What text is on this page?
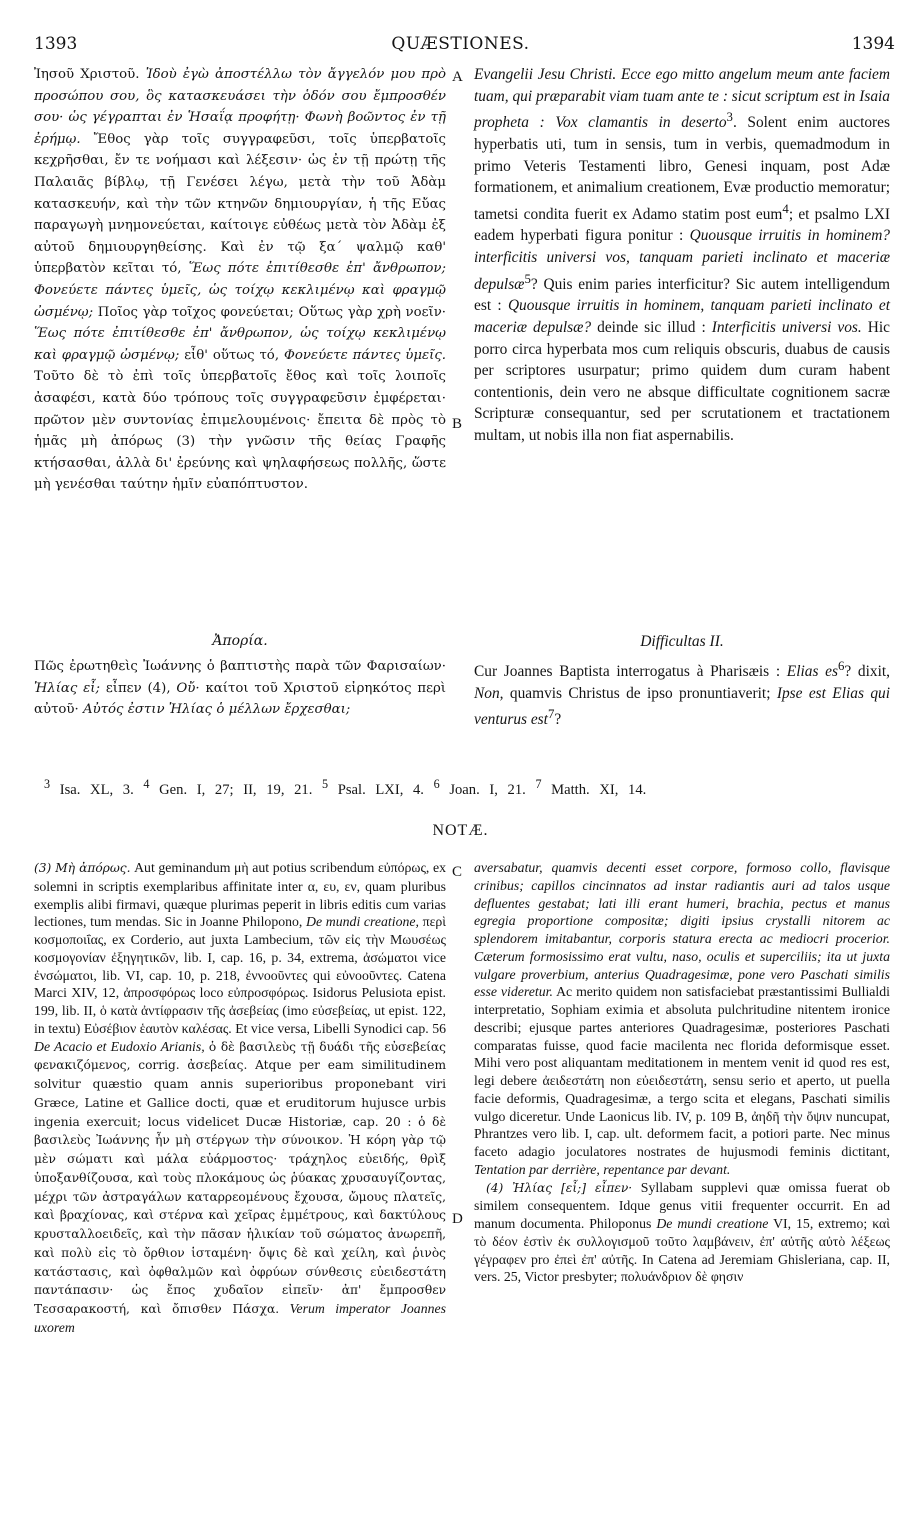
1393	QUÆSTIONES.	1394
A
B
C
D
Ἰησοῦ Χριστοῦ. Ἰδοὺ ἐγὼ ἀποστέλλω τὸν ἄγγελόν μου πρὸ προσώπου σου, ὃς κατασκευάσει τὴν ὁδόν σου ἔμπροσθέν σου· ὡς γέγραπται ἐν Ἡσαΐᾳ προφήτῃ· Φωνὴ βοῶντος ἐν τῇ ἐρήμῳ. Ἔθος γὰρ τοῖς συγγραφεῦσι, τοῖς ὑπερβατοῖς κεχρῆσθαι, ἔν τε νοήμασι καὶ λέξεσιν· ὡς ἐν τῇ πρώτῃ τῆς Παλαιᾶς βίβλῳ, τῇ Γενέσει λέγω, μετὰ τὴν τοῦ Ἀδὰμ κατασκευήν, καὶ τὴν τῶν κτηνῶν δημιουργίαν, ἡ τῆς Εὔας παραγωγὴ μνημονεύεται, καίτοιγε εὐθέως μετὰ τὸν Ἀδὰμ ἐξ αὐτοῦ δημιουργηθείσης. Καὶ ἐν τῷ ξα΄ ψαλμῷ καθ' ὑπερβατὸν κεῖται τό, Ἕως πότε ἐπιτίθεσθε ἐπ' ἄνθρωπον; Φονεύετε πάντες ὑμεῖς, ὡς τοίχῳ κεκλιμένῳ καὶ φραγμῷ ὠσμένῳ; Ποῖος γὰρ τοῖχος φονεύεται; Οὕτως γὰρ χρὴ νοεῖν· Ἕως πότε ἐπιτίθεσθε ἐπ' ἄνθρωπον, ὡς τοίχῳ κεκλιμένῳ καὶ φραγμῷ ὠσμένῳ; εἶθ' οὕτως τό, Φονεύετε πάντες ὑμεῖς. Τοῦτο δὲ τὸ ἐπὶ τοῖς ὑπερβατοῖς ἔθος καὶ τοῖς λοιποῖς ἀσαφέσι, κατὰ δύο τρόπους τοῖς συγγραφεῦσιν ἐμφέρεται· πρῶτον μὲν συντονίας ἐπιμελουμένοις· ἔπειτα δὲ πρὸς τὸ ἡμᾶς μὴ ἀπόρως (3) τὴν γνῶσιν τῆς θείας Γραφῆς κτήσασθαι, ἀλλὰ δι' ἐρεύνης καὶ ψηλαφήσεως πολλῆς, ὥστε μὴ γενέσθαι ταύτην ἡμῖν εὐαπόπτυστον.
Evangelii Jesu Christi. Ecce ego mitto angelum meum ante faciem tuam, qui præparabit viam tuam ante te : sicut scriptum est in Isaia propheta : Vox clamantis in deserto$^3$. Solent enim auctores hyperbatis uti, tum in sensis, tum in verbis, quemadmodum in primo Veteris Testamenti libro, Genesi inquam, post Adæ formationem, et animalium creationem, Evæ productio memoratur; tametsi condita fuerit ex Adamo statim post eum$^4$; et psalmo LXI eadem hyperbati figura ponitur : Quousque irruitis in hominem? interficitis universi vos, tanquam parieti inclinato et maceriæ depulsæ$^5$? Quis enim paries interficitur? Sic autem intelligendum est : Quousque irruitis in hominem, tanquam parieti inclinato et maceriæ depulsæ? deinde sic illud : Interficitis universi vos. Hic porro circa hyperbata mos cum reliquis obscuris, duabus de causis per scriptores usurpatur; primo quidem dum curam habent contentionis, dein vero ne absque difficultate cognitionem sacræ Scripturæ consequantur, sed per scrutationem et tractationem multam, ut nobis illa non fiat aspernabilis.
Ἀπορία.
Πῶς ἐρωτηθεὶς Ἰωάννης ὁ βαπτιστὴς παρὰ τῶν Φαρισαίων· Ἠλίας εἶ; εἶπεν (4), Οὔ· καίτοι τοῦ Χριστοῦ εἰρηκότος περὶ αὐτοῦ· Αὐτός ἐστιν Ἠλίας ὁ μέλλων ἔρχεσθαι;
Difficultas II.
Cur Joannes Baptista interrogatus à Pharisæis : Elias $es^6$? dixit, Non, quamvis Christus de ipso pronuntiaverit; Ipse est Elias qui venturus est$^7$?
$^3$ Isa. XL, 3. $^4$ Gen. I, 27; II, 19, 21. $^5$ Psal. LXI, 4. $^6$ Joan. I, 21. $^7$ Matth. XI, 14.
NOTÆ.
(3) Μὴ ἀπόρως. Aut geminandum μὴ aut potius scribendum εὐπόρως, ex solemni in scriptis exemplaribus affinitate inter α, ευ, εν, quam pluribus exemplis alibi firmavi, quæque plurimas peperit in libris editis cum varias lectiones, tum mendas. Sic in Joanne Philopono, De mundi creatione, περὶ κοσμοποιΐας, ex Corderio, aut juxta Lambecium, τῶν εἰς τὴν Μωυσέως κοσμογονίαν ἐξηγητικῶν, lib. I, cap. 16, p. 34, extrema, ἀσώματοι vice ἐνσώματοι, lib. VI, cap. 10, p. 218, ἐννοοῦντες qui εὐνοοῦντες. Catena Marci XIV, 12, ἀπροσφόρως loco εὐπροσφόρως. Isidorus Pelusiota epist. 199, lib. II, ὁ κατὰ ἀντίφρασιν τῆς ἀσεβείας (imo εὐσεβείας, ut epist. 122, in textu) Εὐσέβιον ἑαυτὸν καλέσας. Et vice versa, Libelli Synodici cap. 56 De Acacio et Eudoxio Arianis, ὁ δὲ βασιλεὺς τῇ δυάδι τῆς εὐσεβείας φενακιζόμενος, corrig. ἀσεβείας. Atque per eam similitudinem solvitur quæstio quam annis superioribus proponebant viri Græce, Latine et Gallice docti, quæ et eruditorum hujusce urbis ingenia exercuit; locus videlicet Ducæ Historiæ, cap. 20 : ὁ δὲ βασιλεὺς Ἰωάννης ἦν μὴ στέργων τὴν σύνοικον. Ἡ κόρη γὰρ τῷ μὲν σώματι καὶ μάλα εὐάρμοστος· τράχηλος εὐειδής, θρὶξ ὑποξανθίζουσα, καὶ τοὺς πλοκάμους ὡς ῥύακας χρυσαυγίζοντας, μέχρι τῶν ἀστραγάλων καταρρεομένους ἔχουσα, ὤμους πλατεῖς, καὶ βραχίονας, καὶ στέρνα καὶ χεῖρας ἐμμέτρους, καὶ δακτύλους κρυσταλλοειδεῖς, καὶ τὴν πᾶσαν ἡλικίαν τοῦ σώματος ἀνωρεπῆ, καὶ πολὺ εἰς τὸ ὄρθιον ἱσταμένη· ὄψις δὲ καὶ χείλη, καὶ ῥινὸς κατάστασις, καὶ ὀφθαλμῶν καὶ ὀφρύων σύνθεσις εὐειδεστάτη παντάπασιν· ὡς ἔπος χυδαῖον εἰπεῖν· ἀπ' ἔμπροσθεν Τεσσαρακοστή, καὶ ὄπισθεν Πάσχα. Verum imperator Joannes uxorem
aversabatur, quamvis decenti esset corpore, formoso collo, flavisque crinibus; capillos cincinnatos ad instar radiantis auri ad talos usque defluentes gestabat; lati illi erant humeri, brachia, pectus et manus egregia proportione compositæ; digiti ipsius crystalli nitorem ac splendorem imitabantur, corporis statura erecta ac mediocri procerior. Cæterum formosissimo erat vultu, naso, oculis et superciliis; ita ut juxta vulgare proverbium, anterius Quadragesimæ, pone vero Paschati similis esse videretur. Ac merito quidem non satisfaciebat præstantissimi Bullialdi interpretatio, Sophiam eximia et absoluta pulchritudine nitentem ironice describi; ejusque partes anteriores Quadragesimæ, posteriores Paschati comparatas fuisse, quod facie macilenta nec florida deformisque esset. Mihi vero post aliquantam meditationem in mentem venit id quod res est, legi debere ἀειδεστάτη non εὐειδεστάτη, sensu serio et aperto, ut puella facie deformis, Quadragesimæ, a tergo scita et elegans, Paschati similis vulgo diceretur. Unde Laonicus lib. IV, p. 109 B, ἀηδῆ τὴν ὄψιν nuncupat, Phrantzes vero lib. I, cap. ult. deformem facit, a potiori parte. Nec minus faceto adagio joculatores nostrates de hujusmodi feminis dictitant, Tentation par derrière, repentance par devant.
(4) Ἠλίας [εἶ;] εἶπεν· Syllabam supplevi quæ omissa fuerat ob similem consequentem. Idque genus vitii frequenter occurrit. En ad manum documenta. Philoponus De mundi creatione VI, 15, extremo; καὶ τὸ δέον ἐστὶν ἐκ συλλογισμοῦ τοῦτο λαμβάνειν, ἐπ' αὐτῆς αὐτὸ λέξεως γέγραφεν pro ἐπεὶ ἐπ' αὐτῆς. In Catena ad Jeremiam Ghisleriana, cap. II, vers. 25, Victor presbyter; πολυάνδριον δὲ φησιν
